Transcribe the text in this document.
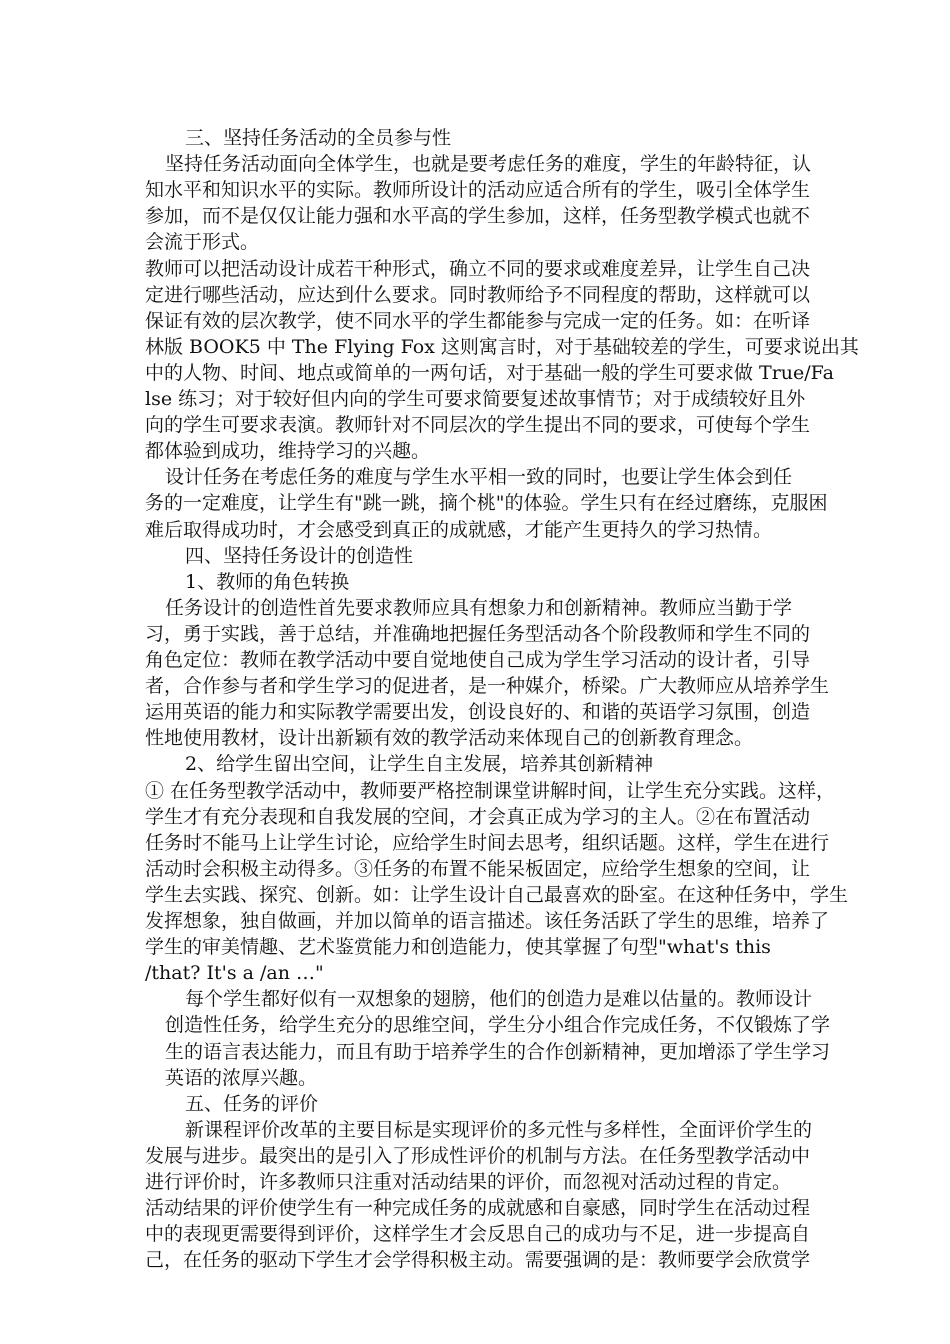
三、坚持任务活动的全员参与性
坚持任务活动面向全体学生，也就是要考虑任务的难度，学生的年龄特征，认
知水平和知识水平的实际。教师所设计的活动应适合所有的学生，吸引全体学生
参加，而不是仅仅让能力强和水平高的学生参加，这样，任务型教学模式也就不
会流于形式。
教师可以把活动设计成若干种形式，确立不同的要求或难度差异，让学生自己决
定进行哪些活动，应达到什么要求。同时教师给予不同程度的帮助，这样就可以
保证有效的层次教学，使不同水平的学生都能参与完成一定的任务。如：在听译
林版 BOOK5 中 The Flying Fox 这则寓言时，对于基础较差的学生，可要求说出其
中的人物、时间、地点或简单的一两句话，对于基础一般的学生可要求做 True/Fa
lse 练习；对于较好但内向的学生可要求简要复述故事情节；对于成绩较好且外
向的学生可要求表演。教师针对不同层次的学生提出不同的要求，可使每个学生
都体验到成功，维持学习的兴趣。
设计任务在考虑任务的难度与学生水平相一致的同时，也要让学生体会到任
务的一定难度，让学生有"跳一跳，摘个桃"的体验。学生只有在经过磨练，克服困
难后取得成功时，才会感受到真正的成就感，才能产生更持久的学习热情。
四、坚持任务设计的创造性
1、教师的角色转换
任务设计的创造性首先要求教师应具有想象力和创新精神。教师应当勤于学
习，勇于实践，善于总结，并准确地把握任务型活动各个阶段教师和学生不同的
角色定位：教师在教学活动中要自觉地使自己成为学生学习活动的设计者，引导
者，合作参与者和学生学习的促进者，是一种媒介，桥梁。广大教师应从培养学生
运用英语的能力和实际教学需要出发，创设良好的、和谐的英语学习氛围，创造
性地使用教材，设计出新颖有效的教学活动来体现自己的创新教育理念。
2、给学生留出空间，让学生自主发展，培养其创新精神
① 在任务型教学活动中，教师要严格控制课堂讲解时间，让学生充分实践。这样，
学生才有充分表现和自我发展的空间，才会真正成为学习的主人。②在布置活动
任务时不能马上让学生讨论，应给学生时间去思考，组织话题。这样，学生在进行
活动时会积极主动得多。③任务的布置不能呆板固定，应给学生想象的空间，让
学生去实践、探究、创新。如：让学生设计自己最喜欢的卧室。在这种任务中，学生
发挥想象，独自做画，并加以简单的语言描述。该任务活跃了学生的思维，培养了
学生的审美情趣、艺术鉴赏能力和创造能力，使其掌握了句型"what's this
/that? It's a /an …"
每个学生都好似有一双想象的翅膀，他们的创造力是难以估量的。教师设计
创造性任务，给学生充分的思维空间，学生分小组合作完成任务，不仅锻炼了学
生的语言表达能力，而且有助于培养学生的合作创新精神，更加增添了学生学习
英语的浓厚兴趣。
五、任务的评价
新课程评价改革的主要目标是实现评价的多元性与多样性，全面评价学生的
发展与进步。最突出的是引入了形成性评价的机制与方法。在任务型教学活动中
进行评价时，许多教师只注重对活动结果的评价，而忽视对活动过程的肯定。
活动结果的评价使学生有一种完成任务的成就感和自豪感，同时学生在活动过程
中的表现更需要得到评价，这样学生才会反思自己的成功与不足，进一步提高自
己，在任务的驱动下学生才会学得积极主动。需要强调的是：教师要学会欣赏学
